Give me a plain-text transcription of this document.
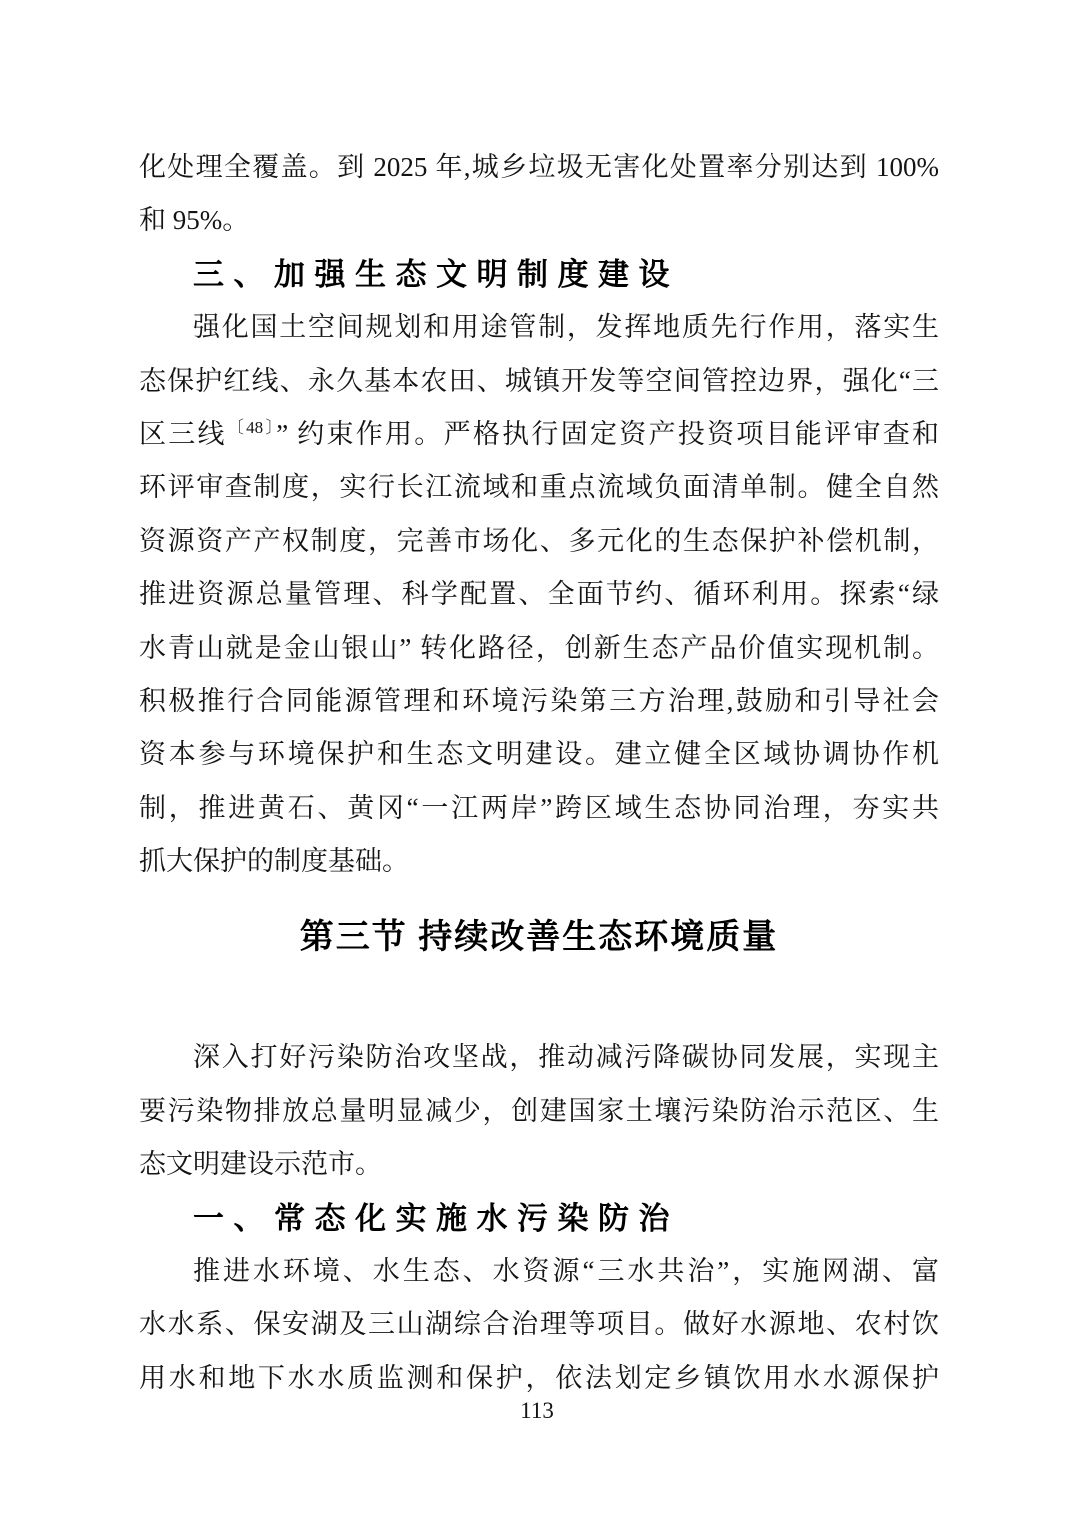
化处理全覆盖。到 2025 年,城乡垃圾无害化处置率分别达到 100%
和 95%。
三、加强生态文明制度建设
强化国土空间规划和用途管制，发挥地质先行作用，落实生
态保护红线、永久基本农田、城镇开发等空间管控边界，强化“三
区三线$^{〔48〕}$” 约束作用。严格执行固定资产投资项目能评审查和
环评审查制度，实行长江流域和重点流域负面清单制。健全自然
资源资产产权制度，完善市场化、多元化的生态保护补偿机制，
推进资源总量管理、科学配置、全面节约、循环利用。探索“绿
水青山就是金山银山” 转化路径，创新生态产品价值实现机制。
积极推行合同能源管理和环境污染第三方治理,鼓励和引导社会
资本参与环境保护和生态文明建设。建立健全区域协调协作机
制，推进黄石、黄冈“一江两岸”跨区域生态协同治理，夯实共
抓大保护的制度基础。
第三节 持续改善生态环境质量
深入打好污染防治攻坚战，推动减污降碳协同发展，实现主
要污染物排放总量明显减少，创建国家土壤污染防治示范区、生
态文明建设示范市。
一、常态化实施水污染防治
推进水环境、水生态、水资源“三水共治”，实施网湖、富
水水系、保安湖及三山湖综合治理等项目。做好水源地、农村饮
用水和地下水水质监测和保护，依法划定乡镇饮用水水源保护
113
